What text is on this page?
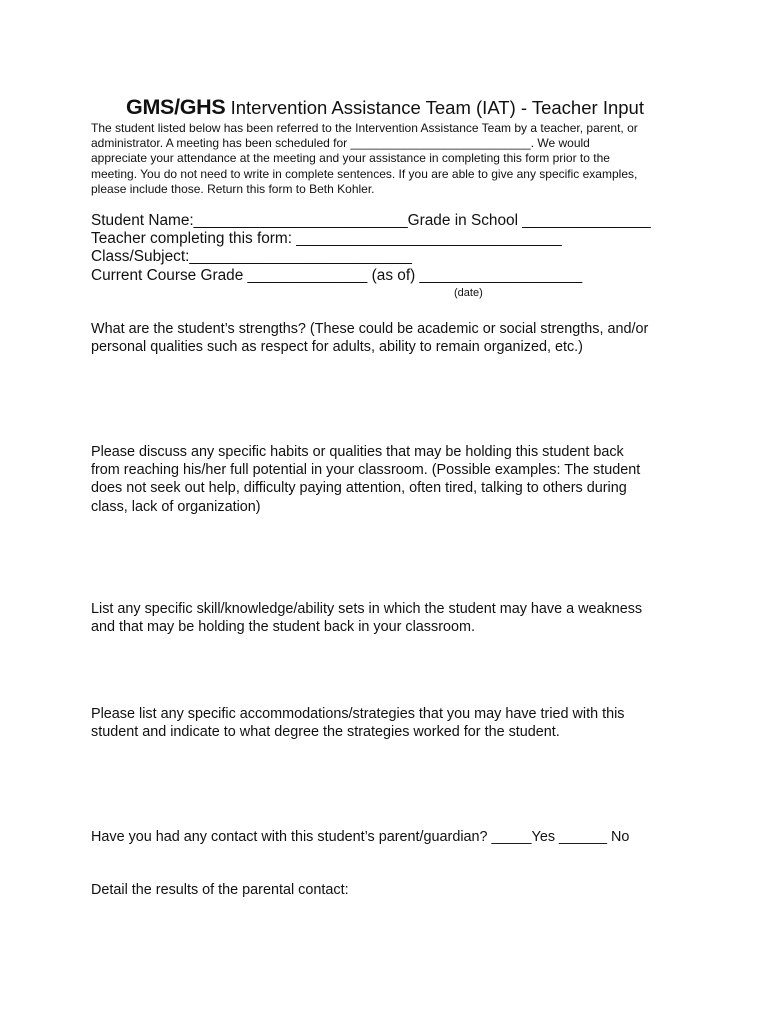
GMS/GHS Intervention Assistance Team (IAT) - Teacher Input
The student listed below has been referred to the Intervention Assistance Team by a teacher, parent, or
administrator. A meeting has been scheduled for ___________________________. We would
appreciate your attendance at the meeting and your assistance in completing this form prior to the
meeting. You do not need to write in complete sentences. If you are able to give any specific examples,
please include those. Return this form to Beth Kohler.
Student Name:_________________________Grade in School _______________
Teacher completing this form: _______________________________
Class/Subject:__________________________
Current Course Grade ______________ (as of) ___________________
(date)
What are the student’s strengths? (These could be academic or social strengths, and/or
personal qualities such as respect for adults, ability to remain organized, etc.)
Please discuss any specific habits or qualities that may be holding this student back
from reaching his/her full potential in your classroom. (Possible examples: The student
does not seek out help, difficulty paying attention, often tired, talking to others during
class, lack of organization)
List any specific skill/knowledge/ability sets in which the student may have a weakness
and that may be holding the student back in your classroom.
Please list any specific accommodations/strategies that you may have tried with this
student and indicate to what degree the strategies worked for the student.
Have you had any contact with this student’s parent/guardian? _____Yes ______ No
Detail the results of the parental contact:
